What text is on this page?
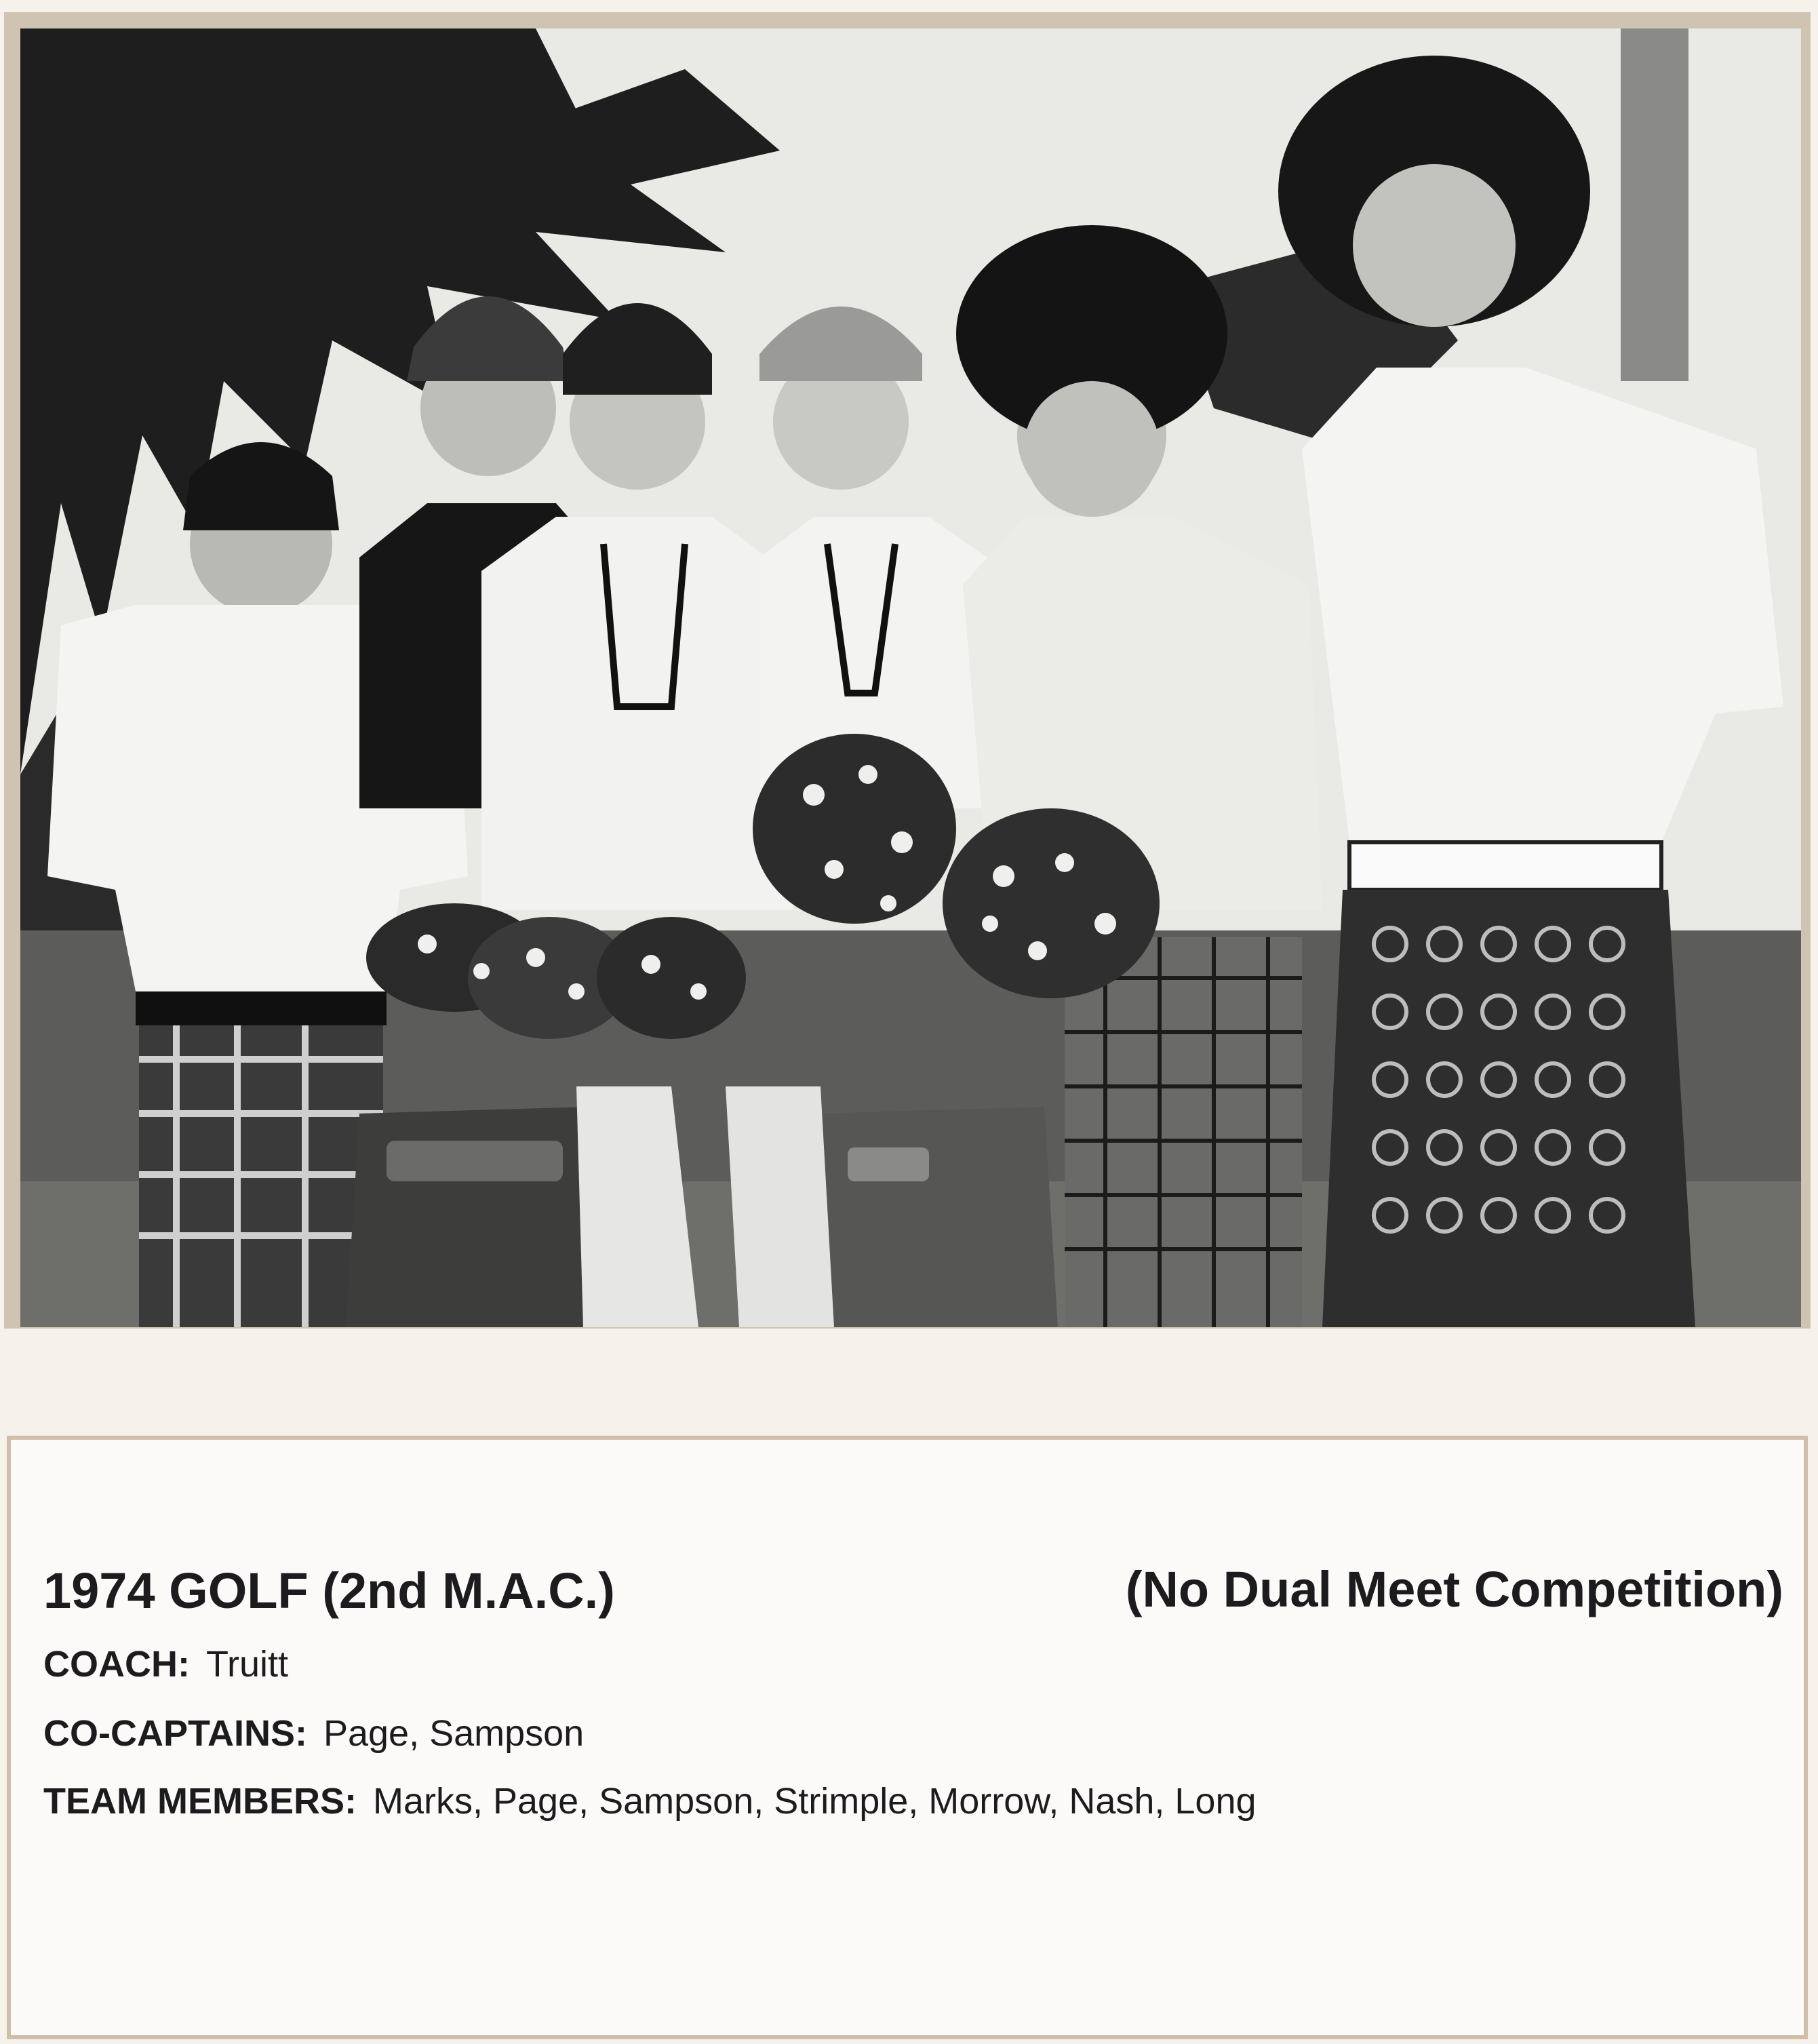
1974 GOLF (2nd M.A.C.)	(No Dual Meet Competition)
COACH: Truitt
CO-CAPTAINS: Page, Sampson
TEAM MEMBERS: Marks, Page, Sampson, Strimple, Morrow, Nash, Long
